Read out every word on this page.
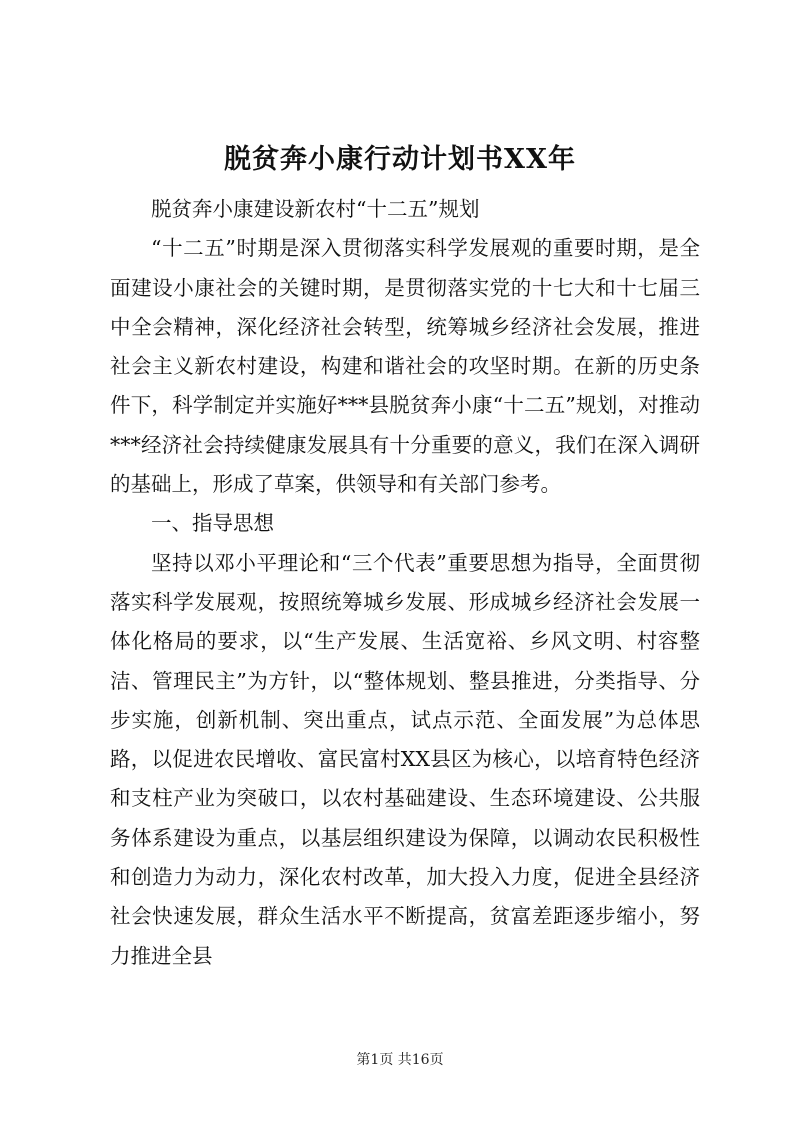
脱贫奔小康行动计划书XX年

脱贫奔小康建设新农村“十二五”规划

“十二五”时期是深入贯彻落实科学发展观的重要时期，是全面建设小康社会的关键时期，是贯彻落实党的十七大和十七届三中全会精神，深化经济社会转型，统筹城乡经济社会发展，推进社会主义新农村建设，构建和谐社会的攻坚时期。在新的历史条件下，科学制定并实施好***县脱贫奔小康“十二五”规划，对推动***经济社会持续健康发展具有十分重要的意义，我们在深入调研的基础上，形成了草案，供领导和有关部门参考。

一、指导思想

坚持以邓小平理论和“三个代表”重要思想为指导，全面贯彻落实科学发展观，按照统筹城乡发展、形成城乡经济社会发展一体化格局的要求，以“生产发展、生活宽裕、乡风文明、村容整洁、管理民主”为方针，以“整体规划、整县推进，分类指导、分步实施，创新机制、突出重点，试点示范、全面发展”为总体思路，以促进农民增收、富民富村XX县区为核心，以培育特色经济和支柱产业为突破口，以农村基础建设、生态环境建设、公共服务体系建设为重点，以基层组织建设为保障，以调动农民积极性和创造力为动力，深化农村改革，加大投入力度，促进全县经济社会快速发展，群众生活水平不断提高，贫富差距逐步缩小，努力推进全县

第1页 共16页
